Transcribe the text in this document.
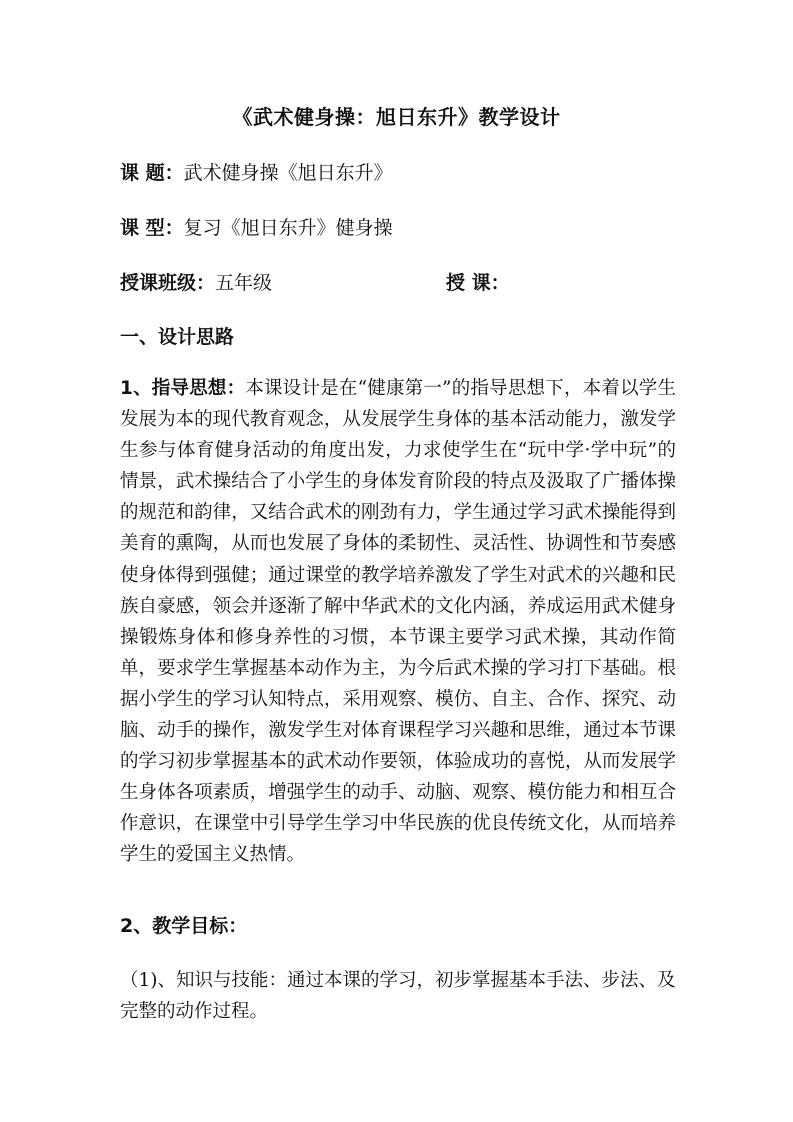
《武术健身操：旭日东升》教学设计
课 题：武术健身操《旭日东升》
课 型：复习《旭日东升》健身操
授课班级：五年级	授 课：
一、设计思路
1、指导思想：本课设计是在“健康第一”的指导思想下，本着以学生发展为本的现代教育观念，从发展学生身体的基本活动能力，激发学生参与体育健身活动的角度出发，力求使学生在“玩中学·学中玩”的情景，武术操结合了小学生的身体发育阶段的特点及汲取了广播体操的规范和韵律，又结合武术的刚劲有力，学生通过学习武术操能得到美育的熏陶，从而也发展了身体的柔韧性、灵活性、协调性和节奏感使身体得到强健；通过课堂的教学培养激发了学生对武术的兴趣和民族自豪感，领会并逐渐了解中华武术的文化内涵，养成运用武术健身操锻炼身体和修身养性的习惯，本节课主要学习武术操，其动作简单，要求学生掌握基本动作为主，为今后武术操的学习打下基础。根据小学生的学习认知特点，采用观察、模仿、自主、合作、探究、动脑、动手的操作，激发学生对体育课程学习兴趣和思维，通过本节课的学习初步掌握基本的武术动作要领，体验成功的喜悦，从而发展学生身体各项素质，增强学生的动手、动脑、观察、模仿能力和相互合作意识，在课堂中引导学生学习中华民族的优良传统文化，从而培养学生的爱国主义热情。
2、教学目标：
（1)、知识与技能：通过本课的学习，初步掌握基本手法、步法、及完整的动作过程。
